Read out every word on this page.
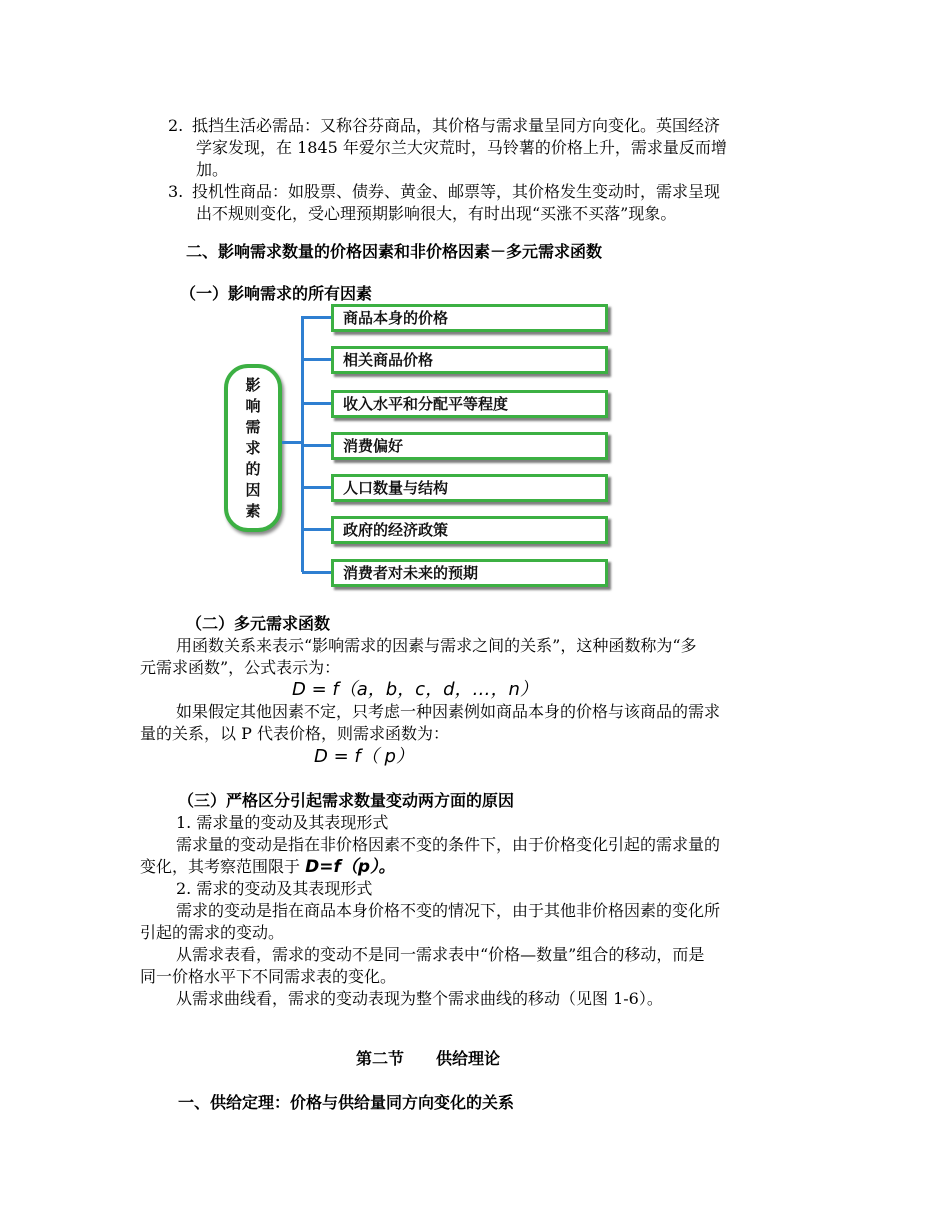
2. 抵挡生活必需品：又称谷芬商品，其价格与需求量呈同方向变化。英国经济
学家发现，在 1845 年爱尔兰大灾荒时，马铃薯的价格上升，需求量反而增
加。
3. 投机性商品：如股票、债券、黄金、邮票等，其价格发生变动时，需求呈现
出不规则变化，受心理预期影响很大，有时出现“买涨不买落”现象。
二、影响需求数量的价格因素和非价格因素－多元需求函数
（一）影响需求的所有因素
影响需求的因素
商品本身的价格
相关商品价格
收入水平和分配平等程度
消费偏好
人口数量与结构
政府的经济政策
消费者对未来的预期
（二）多元需求函数
用函数关系来表示“影响需求的因素与需求之间的关系”，这种函数称为“多
元需求函数”，公式表示为：
D = f（a，b，c，d，…，n）
如果假定其他因素不定，只考虑一种因素例如商品本身的价格与该商品的需求
量的关系，以 P 代表价格，则需求函数为：
D = f（ p）
（三）严格区分引起需求数量变动两方面的原因
1. 需求量的变动及其表现形式
需求量的变动是指在非价格因素不变的条件下，由于价格变化引起的需求量的
变化，其考察范围限于 D=f（p）。
2. 需求的变动及其表现形式
需求的变动是指在商品本身价格不变的情况下，由于其他非价格因素的变化所
引起的需求的变动。
从需求表看，需求的变动不是同一需求表中“价格—数量”组合的移动，而是
同一价格水平下不同需求表的变化。
从需求曲线看，需求的变动表现为整个需求曲线的移动（见图 1-6）。
第二节　　供给理论
一、供给定理：价格与供给量同方向变化的关系
